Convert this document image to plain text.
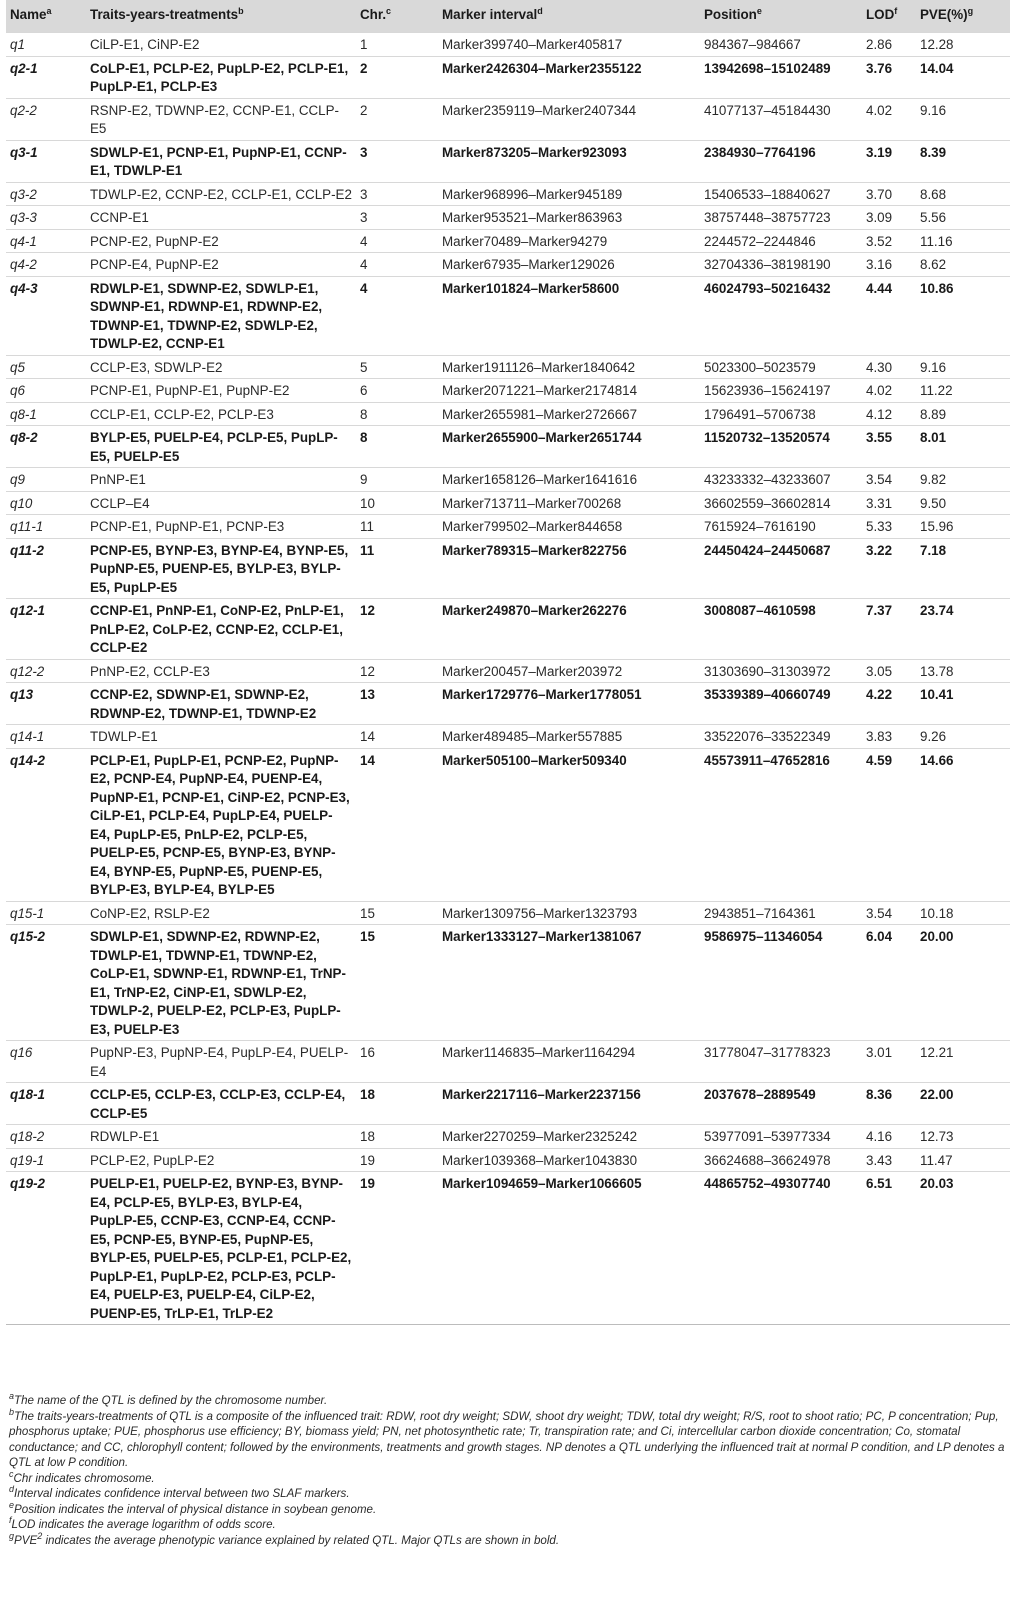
Name$^a$	Traits-years-treatments$^b$	Chr.$^c$	Marker interval$^d$	Position$^e$	LOD$^f$	PVE(%)$^g$
q1	CiLP-E1, CiNP-E2	1	Marker399740–Marker405817	984367–984667	2.86	12.28
q2-1	CoLP-E1, PCLP-E2, PupLP-E2, PCLP-E1, PupLP-E1, PCLP-E3	2	Marker2426304–Marker2355122	13942698–15102489	3.76	14.04
q2-2	RSNP-E2, TDWNP-E2, CCNP-E1, CCLP-E5	2	Marker2359119–Marker2407344	41077137–45184430	4.02	9.16
q3-1	SDWLP-E1, PCNP-E1, PupNP-E1, CCNP-E1, TDWLP-E1	3	Marker873205–Marker923093	2384930–7764196	3.19	8.39
q3-2	TDWLP-E2, CCNP-E2, CCLP-E1, CCLP-E2	3	Marker968996–Marker945189	15406533–18840627	3.70	8.68
q3-3	CCNP-E1	3	Marker953521–Marker863963	38757448–38757723	3.09	5.56
q4-1	PCNP-E2, PupNP-E2	4	Marker70489–Marker94279	2244572–2244846	3.52	11.16
q4-2	PCNP-E4, PupNP-E2	4	Marker67935–Marker129026	32704336–38198190	3.16	8.62
q4-3	RDWLP-E1, SDWNP-E2, SDWLP-E1, SDWNP-E1, RDWNP-E1, RDWNP-E2, TDWNP-E1, TDWNP-E2, SDWLP-E2, TDWLP-E2, CCNP-E1	4	Marker101824–Marker58600	46024793–50216432	4.44	10.86
q5	CCLP-E3, SDWLP-E2	5	Marker1911126–Marker1840642	5023300–5023579	4.30	9.16
q6	PCNP-E1, PupNP-E1, PupNP-E2	6	Marker2071221–Marker2174814	15623936–15624197	4.02	11.22
q8-1	CCLP-E1, CCLP-E2, PCLP-E3	8	Marker2655981–Marker2726667	1796491–5706738	4.12	8.89
q8-2	BYLP-E5, PUELP-E4, PCLP-E5, PupLP-E5, PUELP-E5	8	Marker2655900–Marker2651744	11520732–13520574	3.55	8.01
q9	PnNP-E1	9	Marker1658126–Marker1641616	43233332–43233607	3.54	9.82
q10	CCLP–E4	10	Marker713711–Marker700268	36602559–36602814	3.31	9.50
q11-1	PCNP-E1, PupNP-E1, PCNP-E3	11	Marker799502–Marker844658	7615924–7616190	5.33	15.96
q11-2	PCNP-E5, BYNP-E3, BYNP-E4, BYNP-E5, PupNP-E5, PUENP-E5, BYLP-E3, BYLP-E5, PupLP-E5	11	Marker789315–Marker822756	24450424–24450687	3.22	7.18
q12-1	CCNP-E1, PnNP-E1, CoNP-E2, PnLP-E1, PnLP-E2, CoLP-E2, CCNP-E2, CCLP-E1, CCLP-E2	12	Marker249870–Marker262276	3008087–4610598	7.37	23.74
q12-2	PnNP-E2, CCLP-E3	12	Marker200457–Marker203972	31303690–31303972	3.05	13.78
q13	CCNP-E2, SDWNP-E1, SDWNP-E2, RDWNP-E2, TDWNP-E1, TDWNP-E2	13	Marker1729776–Marker1778051	35339389–40660749	4.22	10.41
q14-1	TDWLP-E1	14	Marker489485–Marker557885	33522076–33522349	3.83	9.26
q14-2	PCLP-E1, PupLP-E1, PCNP-E2, PupNP-E2, PCNP-E4, PupNP-E4, PUENP-E4, PupNP-E1, PCNP-E1, CiNP-E2, PCNP-E3, CiLP-E1, PCLP-E4, PupLP-E4, PUELP-E4, PupLP-E5, PnLP-E2, PCLP-E5, PUELP-E5, PCNP-E5, BYNP-E3, BYNP-E4, BYNP-E5, PupNP-E5, PUENP-E5, BYLP-E3, BYLP-E4, BYLP-E5	14	Marker505100–Marker509340	45573911–47652816	4.59	14.66
q15-1	CoNP-E2, RSLP-E2	15	Marker1309756–Marker1323793	2943851–7164361	3.54	10.18
q15-2	SDWLP-E1, SDWNP-E2, RDWNP-E2, TDWLP-E1, TDWNP-E1, TDWNP-E2, CoLP-E1, SDWNP-E1, RDWNP-E1, TrNP-E1, TrNP-E2, CiNP-E1, SDWLP-E2, TDWLP-2, PUELP-E2, PCLP-E3, PupLP-E3, PUELP-E3	15	Marker1333127–Marker1381067	9586975–11346054	6.04	20.00
q16	PupNP-E3, PupNP-E4, PupLP-E4, PUELP-E4	16	Marker1146835–Marker1164294	31778047–31778323	3.01	12.21
q18-1	CCLP-E5, CCLP-E3, CCLP-E3, CCLP-E4, CCLP-E5	18	Marker2217116–Marker2237156	2037678–2889549	8.36	22.00
q18-2	RDWLP-E1	18	Marker2270259–Marker2325242	53977091–53977334	4.16	12.73
q19-1	PCLP-E2, PupLP-E2	19	Marker1039368–Marker1043830	36624688–36624978	3.43	11.47
q19-2	PUELP-E1, PUELP-E2, BYNP-E3, BYNP-E4, PCLP-E5, BYLP-E3, BYLP-E4, PupLP-E5, CCNP-E3, CCNP-E4, CCNP-E5, PCNP-E5, BYNP-E5, PupNP-E5, BYLP-E5, PUELP-E5, PCLP-E1, PCLP-E2, PupLP-E1, PupLP-E2, PCLP-E3, PCLP-E4, PUELP-E3, PUELP-E4, CiLP-E2, PUENP-E5, TrLP-E1, TrLP-E2	19	Marker1094659–Marker1066605	44865752–49307740	6.51	20.03

$^a$The name of the QTL is defined by the chromosome number.

$^b$The traits-years-treatments of QTL is a composite of the influenced trait: RDW, root dry weight; SDW, shoot dry weight; TDW, total dry weight; R/S, root to shoot ratio; PC, P concentration; Pup, phosphorus uptake; PUE, phosphorus use efficiency; BY, biomass yield; PN, net photosynthetic rate; Tr, transpiration rate; and Ci, intercellular carbon dioxide concentration; Co, stomatal conductance; and CC, chlorophyll content; followed by the environments, treatments and growth stages. NP denotes a QTL underlying the influenced trait at normal P condition, and LP denotes a QTL at low P condition.

$^c$Chr indicates chromosome.

$^d$Interval indicates confidence interval between two SLAF markers.

$^e$Position indicates the interval of physical distance in soybean genome.

$^f$LOD indicates the average logarithm of odds score.

$^g$PVE$^2$ indicates the average phenotypic variance explained by related QTL. Major QTLs are shown in bold.
